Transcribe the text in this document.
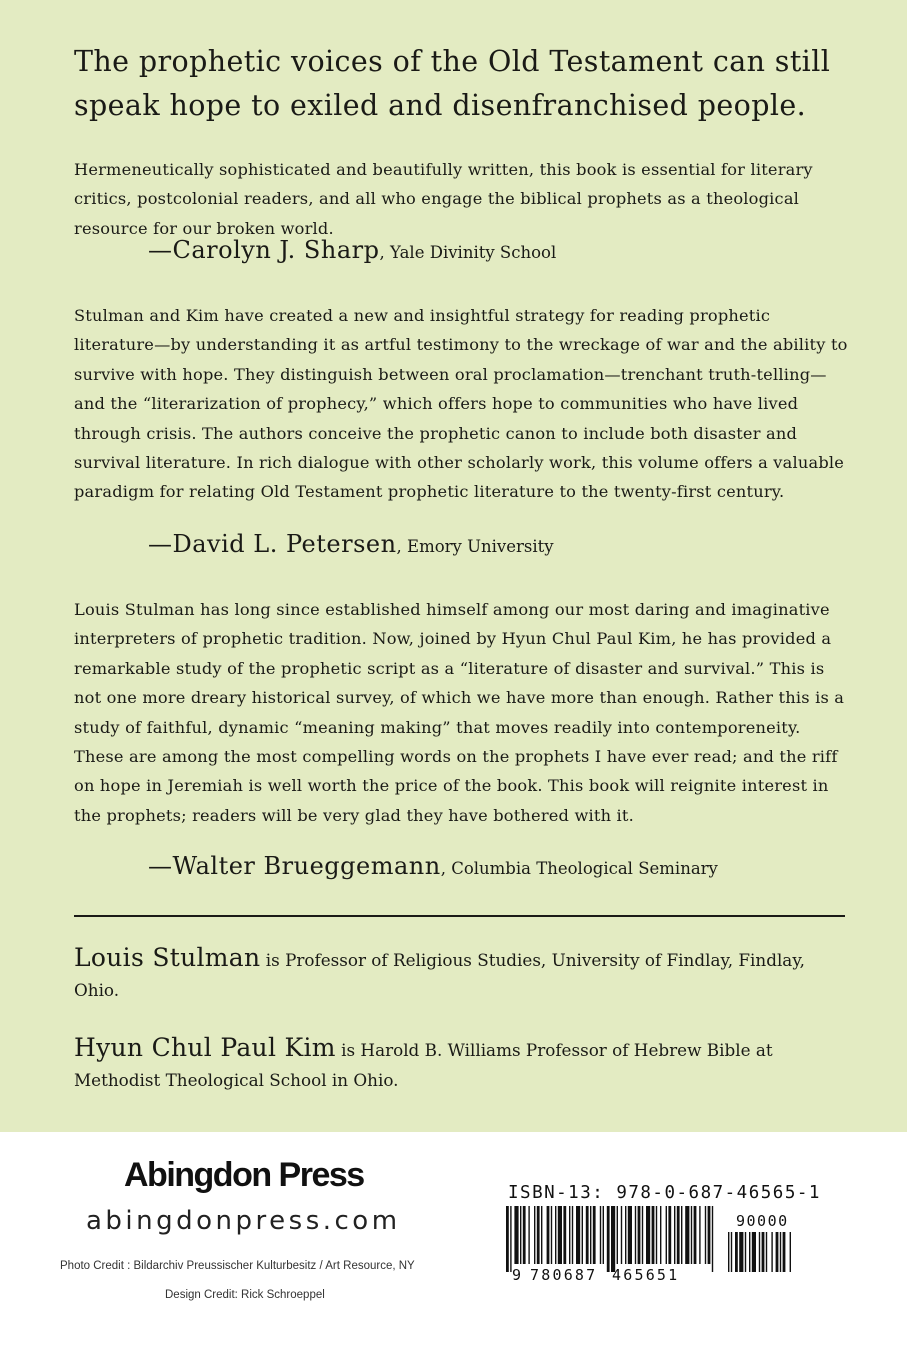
The prophetic voices of the Old Testament can still speak hope to exiled and disenfranchised people.
Hermeneutically sophisticated and beautifully written, this book is essential for literary critics, postcolonial readers, and all who engage the biblical prophets as a theological resource for our broken world.
—Carolyn J. Sharp, Yale Divinity School
Stulman and Kim have created a new and insightful strategy for reading prophetic literature—by understanding it as artful testimony to the wreckage of war and the ability to survive with hope. They distinguish between oral proclamation—trenchant truth-telling—and the “literarization of prophecy,” which offers hope to communities who have lived through crisis. The authors conceive the prophetic canon to include both disaster and survival literature. In rich dialogue with other scholarly work, this volume offers a valuable paradigm for relating Old Testament prophetic literature to the twenty-first century.
—David L. Petersen, Emory University
Louis Stulman has long since established himself among our most daring and imaginative interpreters of prophetic tradition. Now, joined by Hyun Chul Paul Kim, he has provided a remarkable study of the prophetic script as a “literature of disaster and survival.” This is not one more dreary historical survey, of which we have more than enough. Rather this is a study of faithful, dynamic “meaning making” that moves readily into contemporeneity. These are among the most compelling words on the prophets I have ever read; and the riff on hope in Jeremiah is well worth the price of the book. This book will reignite interest in the prophets; readers will be very glad they have bothered with it.
—Walter Brueggemann, Columbia Theological Seminary
Louis Stulman is Professor of Religious Studies, University of Findlay, Findlay, Ohio.
Hyun Chul Paul Kim is Harold B. Williams Professor of Hebrew Bible at Methodist Theological School in Ohio.
Abingdon Press
abingdonpress.com
Photo Credit : Bildarchiv Preussischer Kulturbesitz / Art Resource, NY
Design Credit: Rick Schroeppel
ISBN-13: 978-0-687-46565-1
9 780687 465651
90000
